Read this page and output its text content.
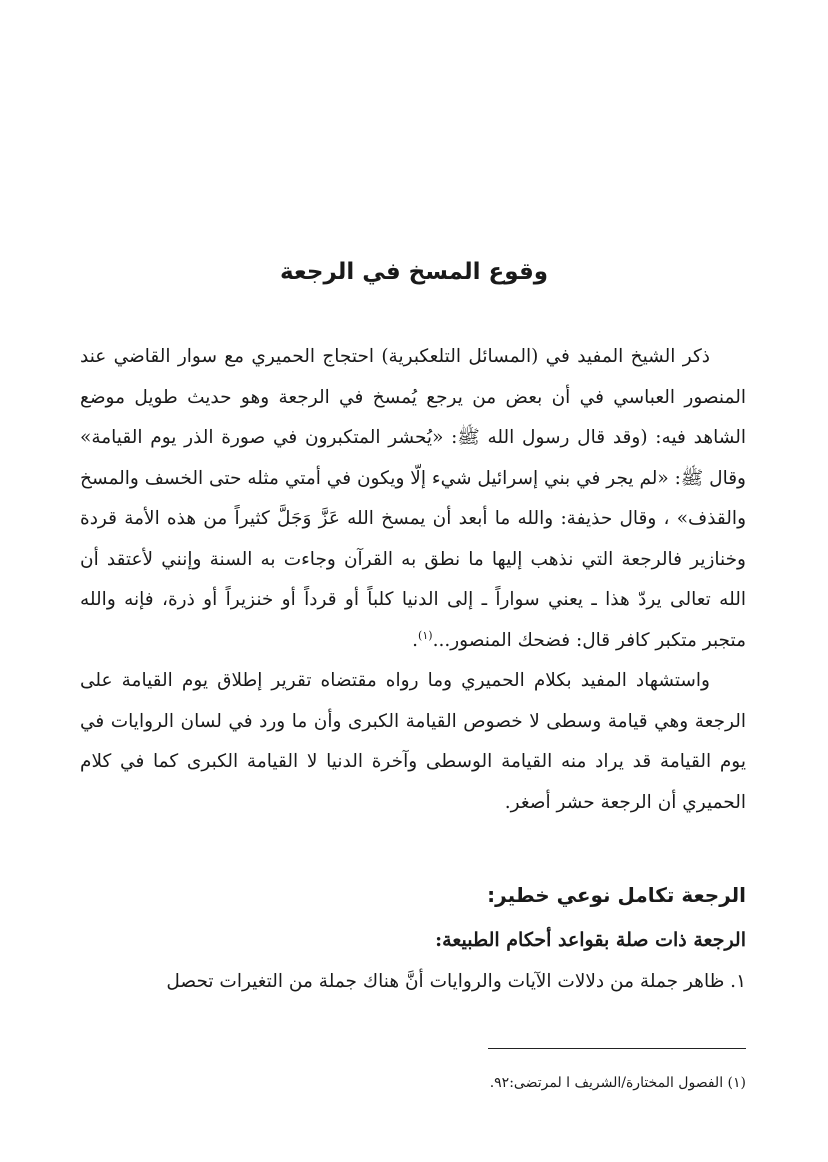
وقوع المسخ في الرجعة

ذكر الشيخ المفيد في (المسائل التلعكبرية) احتجاج الحميري مع سوار القاضي عند المنصور العباسي في أن بعض من يرجع يُمسخ في الرجعة وهو حديث طويل موضع الشاهد فيه: (وقد قال رسول الله ﷺ: «يُحشر المتكبرون في صورة الذر يوم القيامة» وقال ﷺ: «لم يجر في بني إسرائيل شيء إلّا ويكون في أمتي مثله حتى الخسف والمسخ والقذف» ، وقال حذيفة: والله ما أبعد أن يمسخ الله عَزَّ وَجَلَّ كثيراً من هذه الأمة قردة وخنازير فالرجعة التي نذهب إليها ما نطق به القرآن وجاءت به السنة وإنني لأعتقد أن الله تعالى يردّ هذا ـ يعني سواراً ـ إلى الدنيا كلباً أو قرداً أو خنزيراً أو ذرة، فإنه والله متجبر متكبر كافر قال: فضحك المنصور...$^{(١)}$.

واستشهاد المفيد بكلام الحميري وما رواه مقتضاه تقرير إطلاق يوم القيامة على الرجعة وهي قيامة وسطى لا خصوص القيامة الكبرى وأن ما ورد في لسان الروايات في يوم القيامة قد يراد منه القيامة الوسطى وآخرة الدنيا لا القيامة الكبرى كما في كلام الحميري أن الرجعة حشر أصغر.

الرجعة تكامل نوعي خطير:
الرجعة ذات صلة بقواعد أحكام الطبيعة:

١. ظاهر جملة من دلالات الآيات والروايات أنَّ هناك جملة من التغيرات تحصل

(١) الفصول المختارة/الشريف ا لمرتضى:٩٢.
